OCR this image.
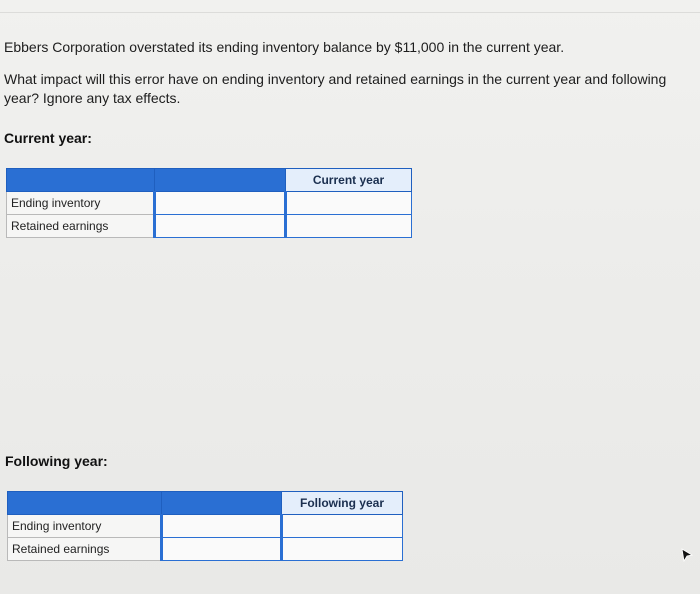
Ebbers Corporation overstated its ending inventory balance by $11,000 in the current year.
What impact will this error have on ending inventory and retained earnings in the current year and following year? Ignore any tax effects.
Current year:
		Current year
Ending inventory		
Retained earnings		
Following year:
		Following year
Ending inventory		
Retained earnings		
